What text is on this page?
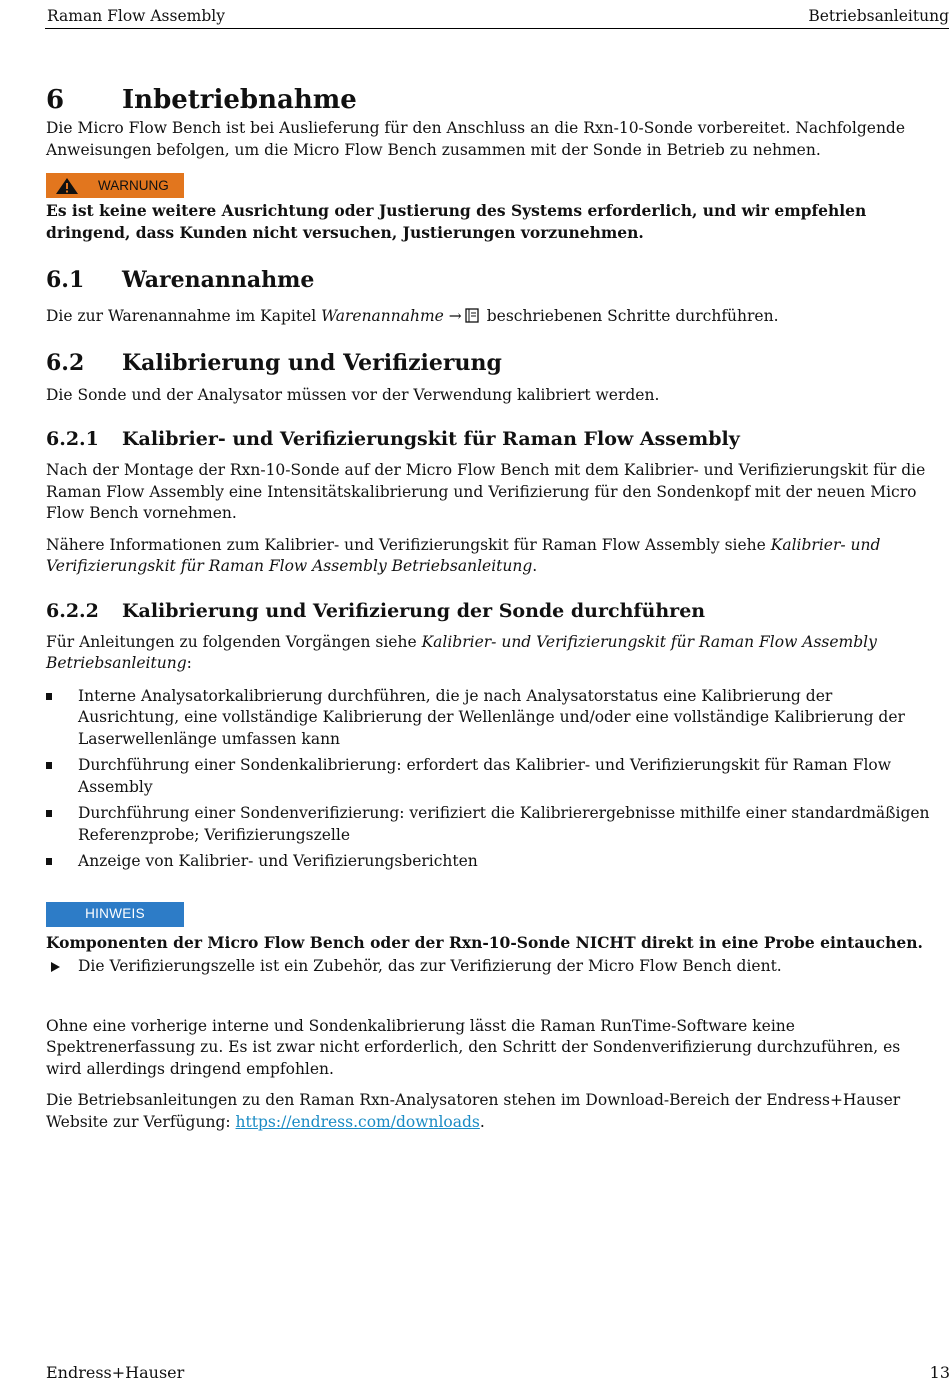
Raman Flow Assembly	Betriebsanleitung
6	Inbetriebnahme

Die Micro Flow Bench ist bei Auslieferung für den Anschluss an die Rxn-10-Sonde vorbereitet. Nachfolgende Anweisungen befolgen, um die Micro Flow Bench zusammen mit der Sonde in Betrieb zu nehmen.

WARNUNG

Es ist keine weitere Ausrichtung oder Justierung des Systems erforderlich, und wir empfehlen dringend, dass Kunden nicht versuchen, Justierungen vorzunehmen.

6.1	Warenannahme

Die zur Warenannahme im Kapitel Warenannahme → beschriebenen Schritte durchführen.

6.2	Kalibrierung und Verifizierung

Die Sonde und der Analysator müssen vor der Verwendung kalibriert werden.

6.2.1	Kalibrier- und Verifizierungskit für Raman Flow Assembly

Nach der Montage der Rxn-10-Sonde auf der Micro Flow Bench mit dem Kalibrier- und Verifizierungskit für die Raman Flow Assembly eine Intensitätskalibrierung und Verifizierung für den Sondenkopf mit der neuen Micro Flow Bench vornehmen.

Nähere Informationen zum Kalibrier- und Verifizierungskit für Raman Flow Assembly siehe Kalibrier- und Verifizierungskit für Raman Flow Assembly Betriebsanleitung.

6.2.2	Kalibrierung und Verifizierung der Sonde durchführen

Für Anleitungen zu folgenden Vorgängen siehe Kalibrier- und Verifizierungskit für Raman Flow Assembly Betriebsanleitung:

Interne Analysatorkalibrierung durchführen, die je nach Analysatorstatus eine Kalibrierung der Ausrichtung, eine vollständige Kalibrierung der Wellenlänge und/oder eine vollständige Kalibrierung der Laserwellenlänge umfassen kann
Durchführung einer Sondenkalibrierung: erfordert das Kalibrier- und Verifizierungskit für Raman Flow Assembly
Durchführung einer Sondenverifizierung: verifiziert die Kalibrierergebnisse mithilfe einer standardmäßigen Referenzprobe; Verifizierungszelle
Anzeige von Kalibrier- und Verifizierungsberichten
HINWEIS

Komponenten der Micro Flow Bench oder der Rxn-10-Sonde NICHT direkt in eine Probe eintauchen.

Die Verifizierungszelle ist ein Zubehör, das zur Verifizierung der Micro Flow Bench dient.

Ohne eine vorherige interne und Sondenkalibrierung lässt die Raman RunTime-Software keine Spektrenerfassung zu. Es ist zwar nicht erforderlich, den Schritt der Sondenverifizierung durchzuführen, es wird allerdings dringend empfohlen.

Die Betriebsanleitungen zu den Raman Rxn-Analysatoren stehen im Download-Bereich der Endress+Hauser Website zur Verfügung: https://endress.com/downloads.

Endress+Hauser	13
